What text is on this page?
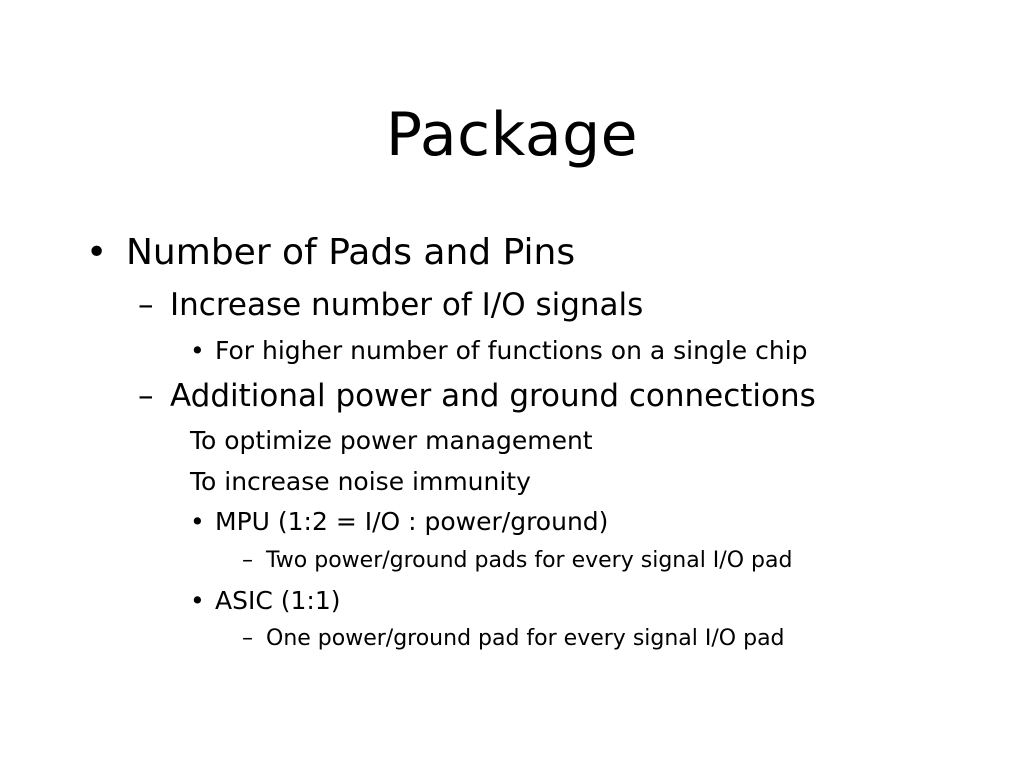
Package
• Number of Pads and Pins
– Increase number of I/O signals
• For higher number of functions on a single chip
– Additional power and ground connections
To optimize power management
To increase noise immunity
• MPU (1:2 = I/O : power/ground)
– Two power/ground pads for every signal I/O pad
• ASIC (1:1)
– One power/ground pad for every signal I/O pad
